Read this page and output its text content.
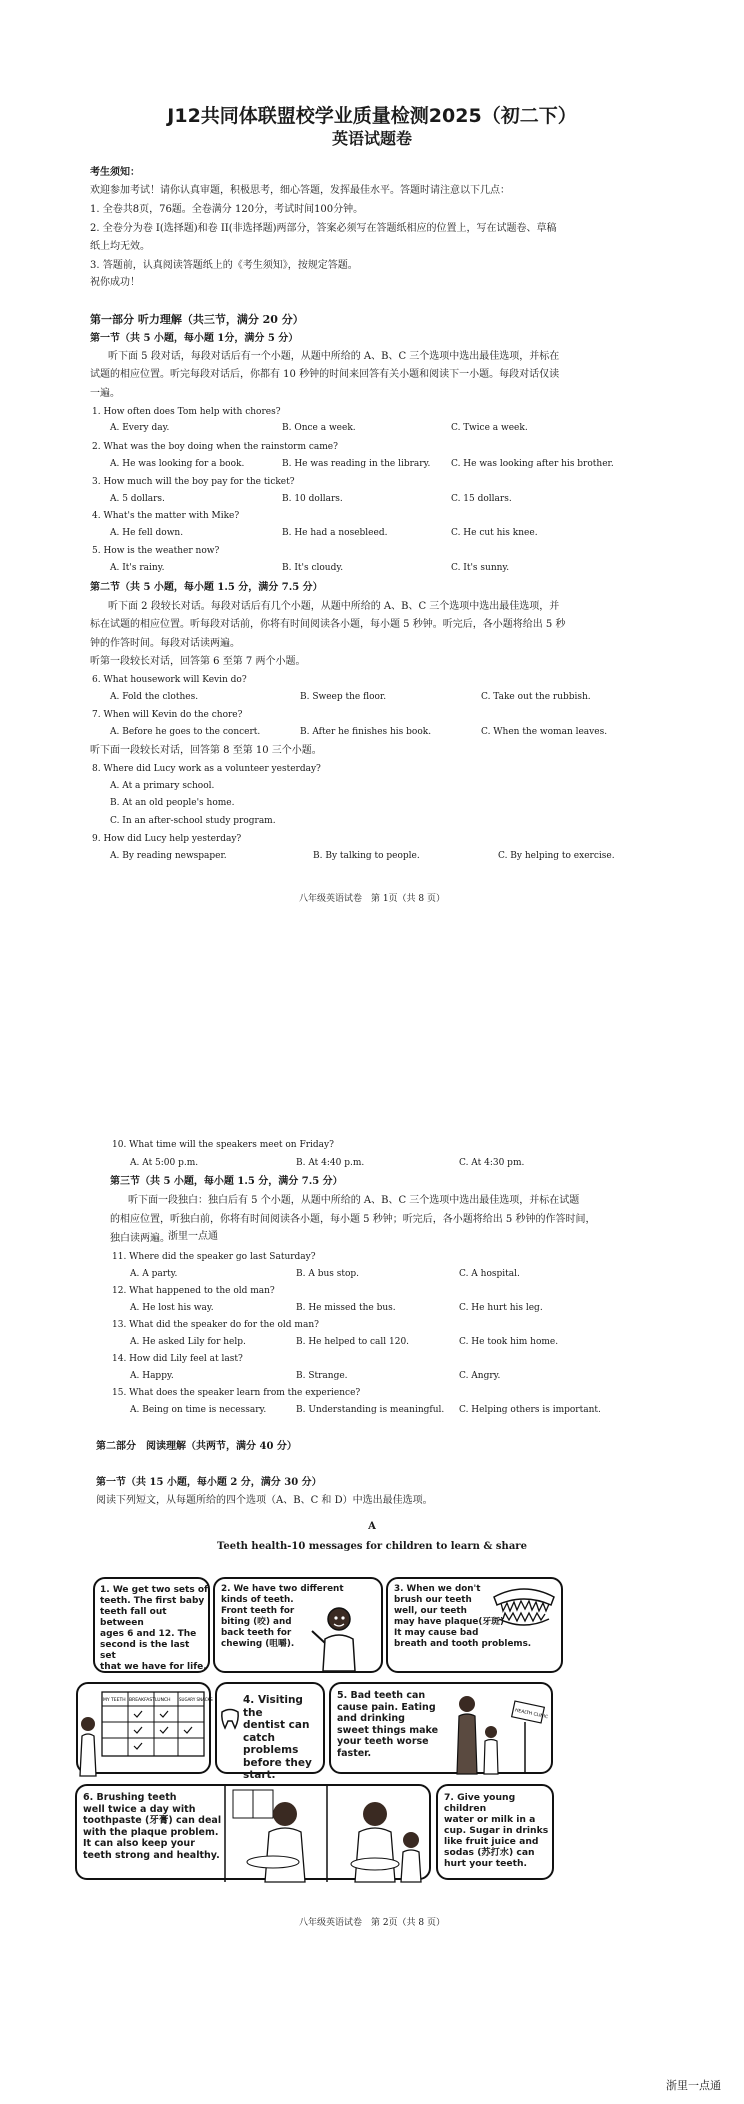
J12共同体联盟校学业质量检测2025（初二下）
英语试题卷
考生须知：
欢迎参加考试！请你认真审题，积极思考，细心答题，发挥最佳水平。答题时请注意以下几点：
1. 全卷共8页，76题。全卷满分 120分，考试时间100分钟。
2. 全卷分为卷 I(选择题)和卷 II(非选择题)两部分，答案必须写在答题纸相应的位置上，写在试题卷、草稿
纸上均无效。
3. 答题前，认真阅读答题纸上的《考生须知》，按规定答题。
祝你成功！
第一部分 听力理解（共三节，满分 20 分）
第一节（共 5 小题，每小题 1分，满分 5 分）
听下面 5 段对话，每段对话后有一个小题，从题中所给的 A、B、C 三个选项中选出最佳选项，并标在
试题的相应位置。听完每段对话后，你都有 10 秒钟的时间来回答有关小题和阅读下一小题。每段对话仅读
一遍。
1. How often does Tom help with chores?
A. Every day.	B. Once a week.	C. Twice a week.
2. What was the boy doing when the rainstorm came?
A. He was looking for a book.	B. He was reading in the library. C. He was looking after his brother.
3. How much will the boy pay for the ticket?
A. 5 dollars.	B. 10 dollars.	C. 15 dollars.
4. What's the matter with Mike?
A. He fell down.	B. He had a nosebleed.	C. He cut his knee.
5. How is the weather now?
A. It's rainy.	B. It's cloudy.	C. It's sunny.
第二节（共 5 小题，每小题 1.5 分，满分 7.5 分）
听下面 2 段较长对话。每段对话后有几个小题，从题中所给的 A、B、C 三个选项中选出最佳选项，并
标在试题的相应位置。听每段对话前，你将有时间阅读各小题，每小题 5 秒钟。听完后，各小题将给出 5 秒
钟的作答时间。每段对话读两遍。
听第一段较长对话，回答第 6 至第 7 两个小题。
6. What housework will Kevin do?
A. Fold the clothes.	B. Sweep the floor.	C. Take out the rubbish.
7. When will Kevin do the chore?
A. Before he goes to the concert.	B. After he finishes his book.	C. When the woman leaves.
听下面一段较长对话，回答第 8 至第 10 三个小题。
8. Where did Lucy work as a volunteer yesterday?
A. At a primary school.
B. At an old people's home.
C. In an after-school study program.
9. How did Lucy help yesterday?
A. By reading newspaper.	B. By talking to people.	C. By helping to exercise.
八年级英语试卷　第 1页（共 8 页）
10. What time will the speakers meet on Friday?
A. At 5:00 p.m.	B. At 4:40 p.m.	C. At 4:30 pm.
第三节（共 5 小题，每小题 1.5 分，满分 7.5 分）
听下面一段独白：独白后有 5 个小题，从题中所给的 A、B、C 三个选项中选出最佳选项，并标在试题
的相应位置，听独白前，你将有时间阅读各小题，每小题 5 秒钟；听完后，各小题将给出 5 秒钟的作答时间，
独白读两遍。
浙里一点通
11. Where did the speaker go last Saturday?
A. A party.	B. A bus stop.	C. A hospital.
12. What happened to the old man?
A. He lost his way.	B. He missed the bus.	C. He hurt his leg.
13. What did the speaker do for the old man?
A. He asked Lily for help.	B. He helped to call 120.	C. He took him home.
14. How did Lily feel at last?
A. Happy.	B. Strange.	C. Angry.
15. What does the speaker learn from the experience?
A. Being on time is necessary.	B. Understanding is meaningful. C. Helping others is important.
第二部分　阅读理解（共两节，满分 40 分）
第一节（共 15 小题，每小题 2 分，满分 30 分）
阅读下列短文，从每题所给的四个选项（A、B、C 和 D）中选出最佳选项。
A
Teeth health-10 messages for children to learn & share
1. We get two sets of
teeth. The first baby
teeth fall out between
ages 6 and 12. The
second is the last set
that we have for life.
2. We have two different
kinds of teeth.
Front teeth for
biting (咬) and
back teeth for
chewing (咀嚼).
3. When we don't
brush our teeth
well, our teeth
may have plaque(牙斑)
It may cause bad
breath and tooth problems.
MY TEETH BREAKFAST LUNCH SUGARY SNACKS	4. Visiting the
dentist can
catch problems
before they
start.
5. Bad teeth can
cause pain. Eating
and drinking
sweet things make
your teeth worse
faster.
HEALTH CLINIC
6. Brushing teeth
well twice a day with
toothpaste (牙膏) can deal
with the plaque problem.
It can also keep your
teeth strong and healthy.
7. Give young children
water or milk in a
cup. Sugar in drinks
like fruit juice and
sodas (苏打水) can
hurt your teeth.
八年级英语试卷　第 2页（共 8 页）
浙里一点通
